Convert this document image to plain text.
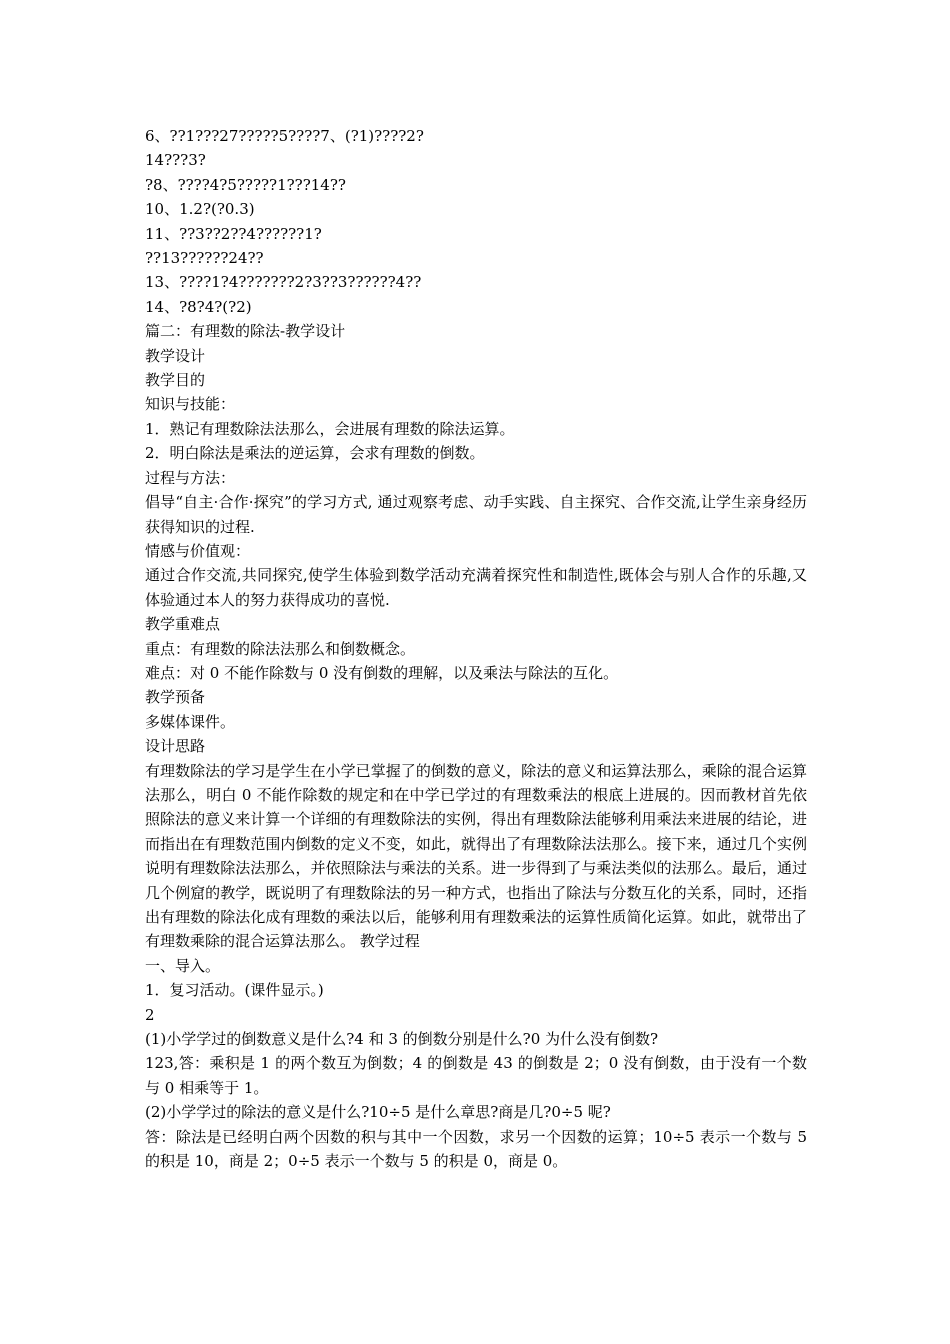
6、??1???27?????5????7、(?1)????2?

14???3?

?8、????4?5?????1???14??

10、1.2?(?0.3)

11、??3??2??4??????1?

??13??????24??

13、????1?4???????2?3??3??????4??

14、?8?4?(?2)

篇二：有理数的除法-教学设计

教学设计

教学目的

知识与技能：

1．熟记有理数除法法那么，会进展有理数的除法运算。

2．明白除法是乘法的逆运算，会求有理数的倒数。

过程与方法：

倡导“自主·合作·探究”的学习方式, 通过观察考虑、动手实践、自主探究、合作交流,让学生亲身经历获得知识的过程.

情感与价值观：

通过合作交流,共同探究,使学生体验到数学活动充满着探究性和制造性,既体会与别人合作的乐趣,又体验通过本人的努力获得成功的喜悦.

教学重难点

重点：有理数的除法法那么和倒数概念。

难点：对 0 不能作除数与 0 没有倒数的理解，以及乘法与除法的互化。

教学预备

多媒体课件。

设计思路

有理数除法的学习是学生在小学已掌握了的倒数的意义，除法的意义和运算法那么，乘除的混合运算法那么，明白 0 不能作除数的规定和在中学已学过的有理数乘法的根底上进展的。因而教材首先依照除法的意义来计算一个详细的有理数除法的实例，得出有理数除法能够利用乘法来进展的结论，进而指出在有理数范围内倒数的定义不变，如此，就得出了有理数除法法那么。接下来，通过几个实例说明有理数除法法那么，并依照除法与乘法的关系。进一步得到了与乘法类似的法那么。最后，通过几个例窟的教学，既说明了有理数除法的另一种方式，也指出了除法与分数互化的关系，同时，还指出有理数的除法化成有理数的乘法以后，能够利用有理数乘法的运算性质简化运算。如此，就带出了有理数乘除的混合运算法那么。 教学过程

一、导入。

1．复习活动。(课件显示。)

2

(1)小学学过的倒数意义是什么?4 和 3 的倒数分别是什么?0 为什么没有倒数?

123,答：乘积是 1 的两个数互为倒数；4 的倒数是 43 的倒数是 2；0 没有倒数，由于没有一个数与 0 相乘等于 1。

(2)小学学过的除法的意义是什么?10÷5 是什么章思?商是几?0÷5 呢?

答：除法是已经明白两个因数的积与其中一个因数，求另一个因数的运算；10÷5 表示一个数与 5 的积是 10，商是 2；0÷5 表示一个数与 5 的积是 0，商是 0。
